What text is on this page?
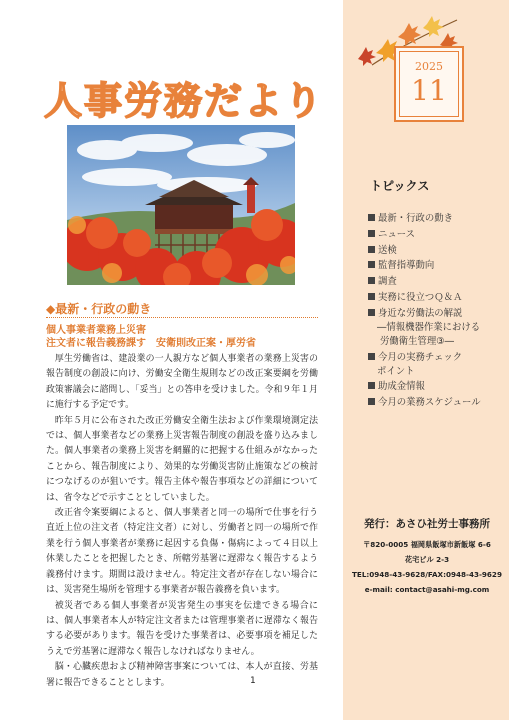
人事労務だより
2025
11
トピックス
最新・行政の動き
ニュース
送検
監督指導動向
調査
実務に役立つＱ＆Ａ
身近な労働法の解説
―情報機器作業における
労働衛生管理③―
今月の実務チェック
ポイント
助成金情報
今月の業務スケジュール
◆最新・行政の動き
個人事業者業務上災害
注文者に報告義務課す　安衛則改正案・厚労省

厚生労働省は、建設業の一人親方など個人事業者の業務上災害の報告制度の創設に向け、労働安全衛生規則などの改正案要綱を労働政策審議会に諮問し、「妥当」との答申を受けました。令和９年１月に施行する予定です。

昨年５月に公布された改正労働安全衛生法および作業環境測定法では、個人事業者などの業務上災害報告制度の創設を盛り込みました。個人事業者の業務上災害を網羅的に把握する仕組みがなかったことから、報告制度により、効果的な労働災害防止施策などの検討につなげるのが狙いです。報告主体や報告事項などの詳細については、省令などで示すこととしていました。

改正省令案要綱によると、個人事業者と同一の場所で仕事を行う直近上位の注文者（特定注文者）に対し、労働者と同一の場所で作業を行う個人事業者が業務に起因する負傷・傷病によって４日以上休業したことを把握したとき、所轄労基署に遅滞なく報告するよう義務付けます。期間は設けません。特定注文者が存在しない場合には、災害発生場所を管理する事業者が報告義務を負います。

被災者である個人事業者が災害発生の事実を伝達できる場合には、個人事業者本人が特定注文者または管理事業者に遅滞なく報告する必要があります。報告を受けた事業者は、必要事項を補足したうえで労基署に遅滞なく報告しなければなりません。

脳・心臓疾患および精神障害事案については、本人が直接、労基署に報告できることとします。

発行：あさひ社労士事務所
〒820-0005 福岡県飯塚市新飯塚 6-6
花宅ビル 2-3
TEL:0948-43-9628/FAX:0948-43-9629
e-mail: contact@asahi-mg.com
1
